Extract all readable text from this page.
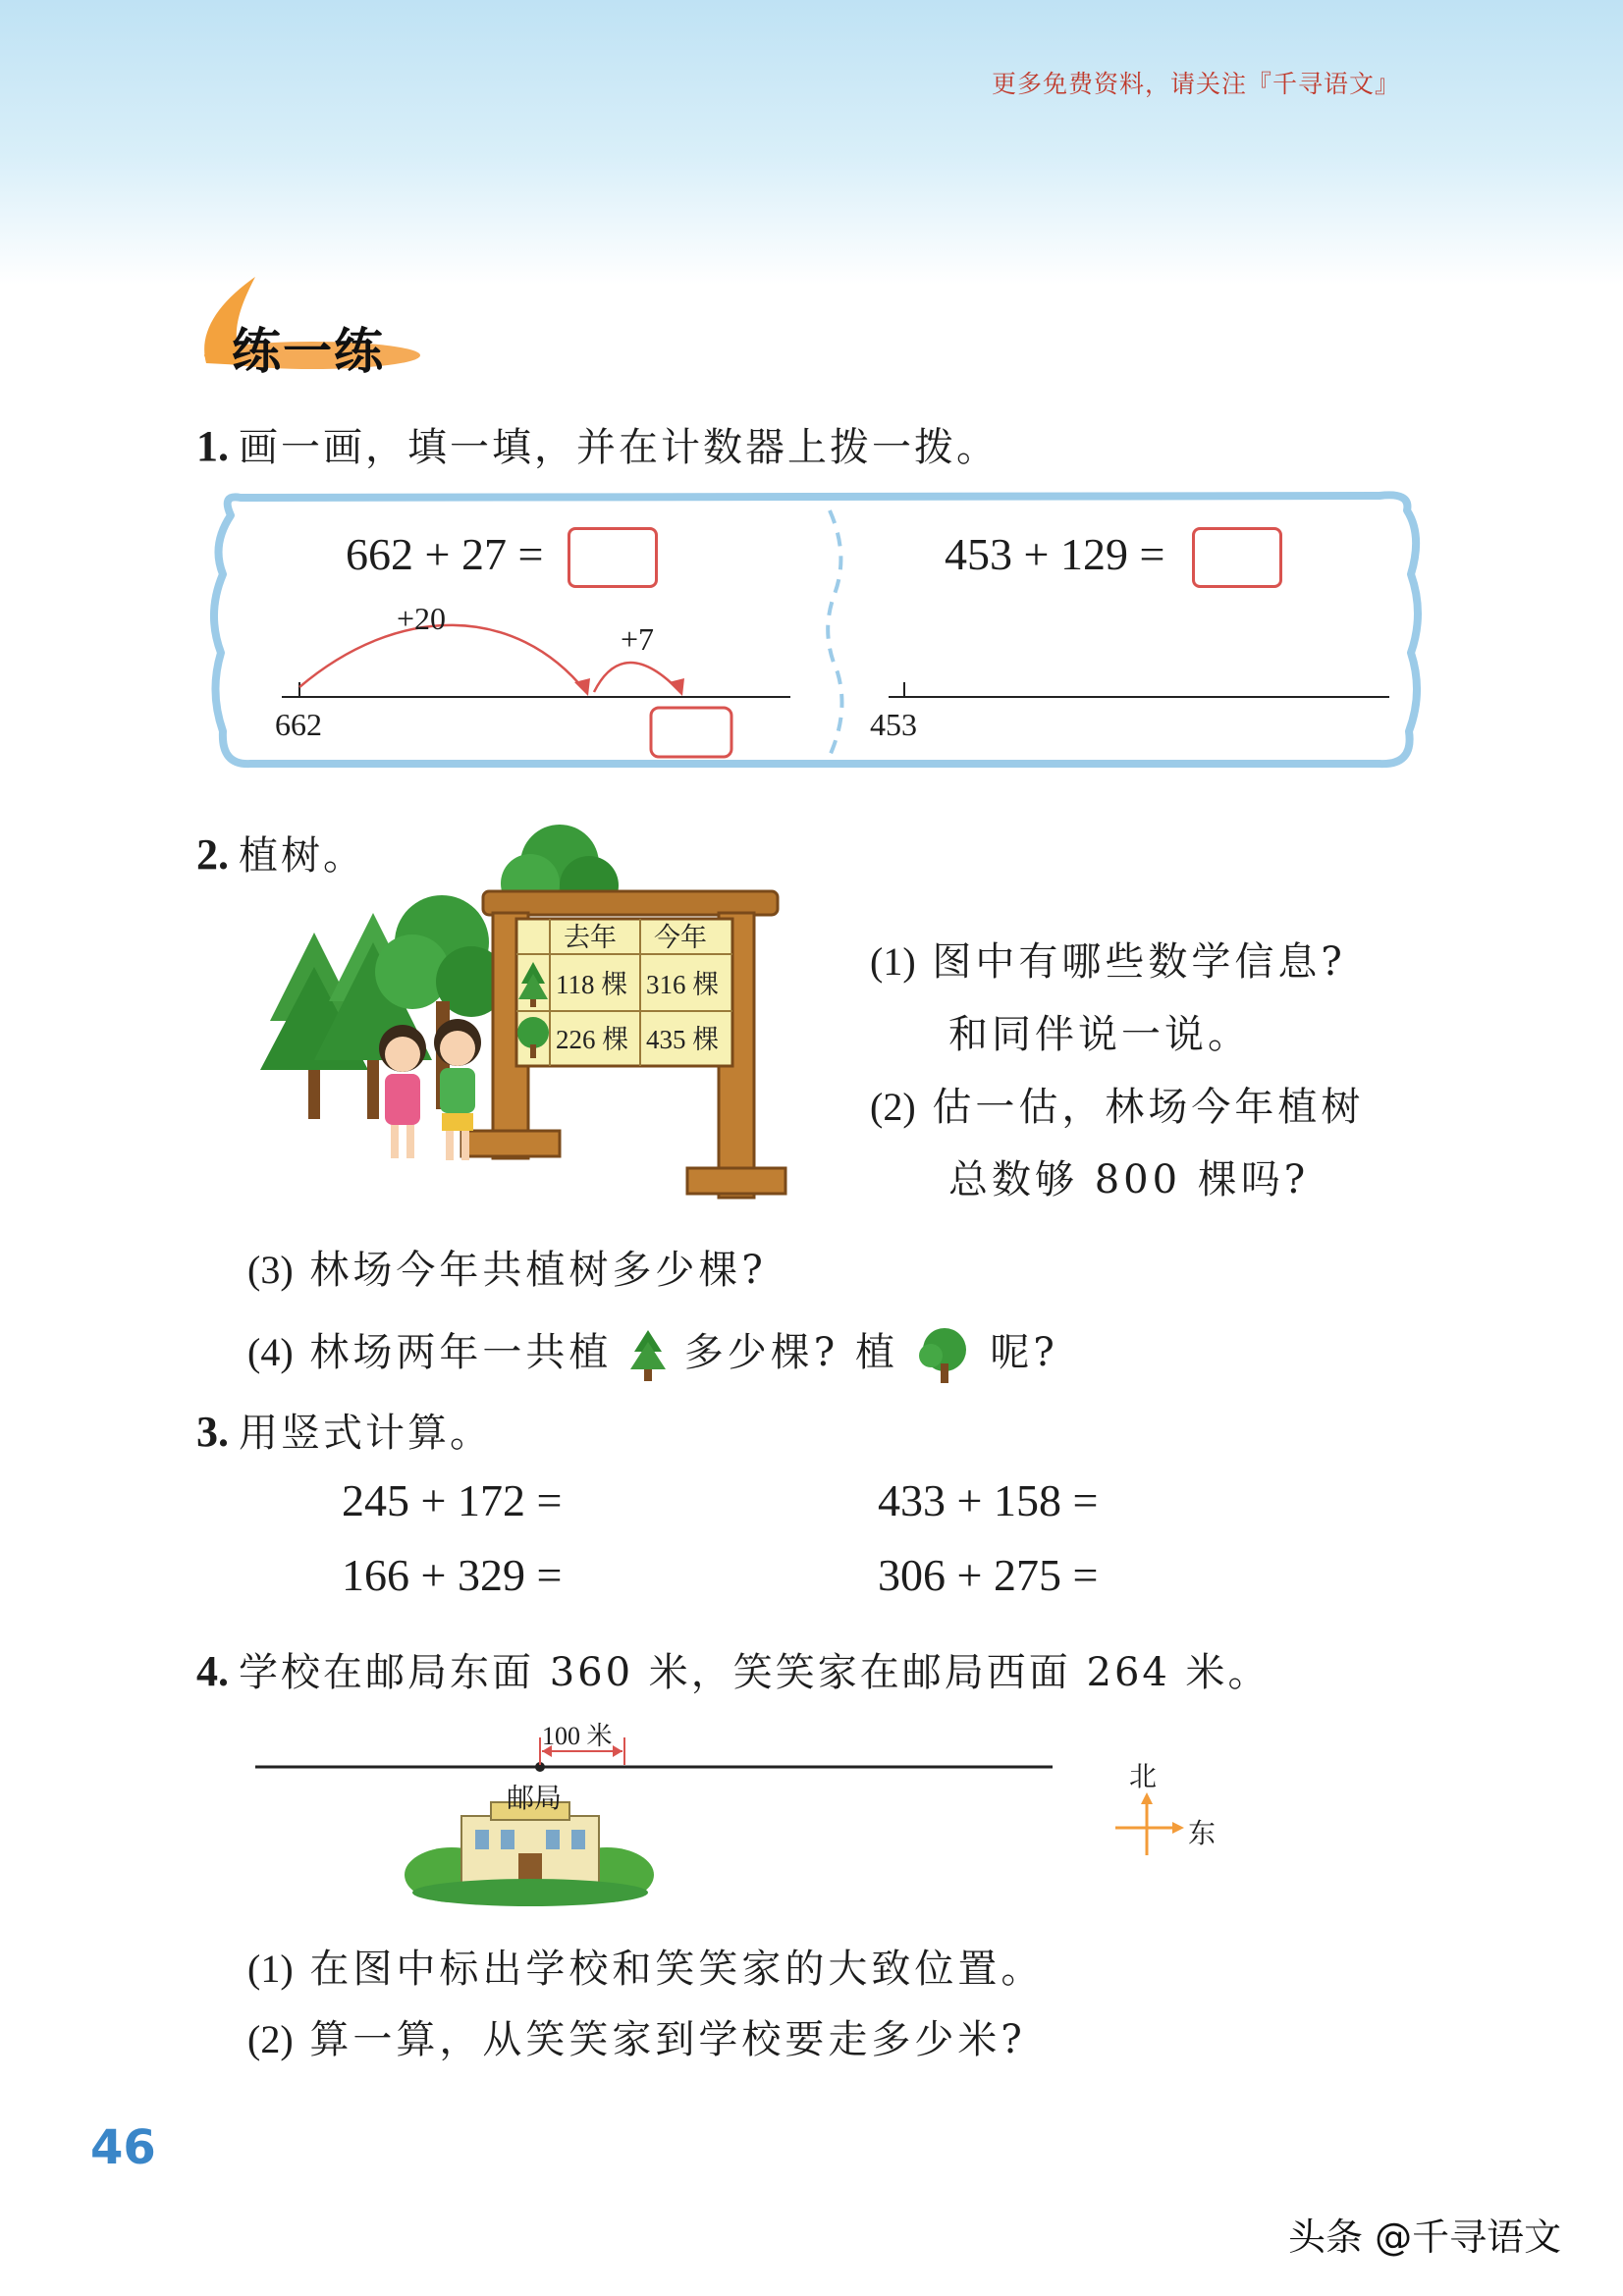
更多免费资料，请关注『千寻语文』
练一练
1. 画一画，填一填，并在计数器上拨一拨。
662 + 27 =
+20
+7
662
453 + 129 =
453
2. 植树。
去年 今年
118 棵 316 棵
226 棵 435 棵
(1) 图中有哪些数学信息?
和同伴说一说。
(2) 估一估，林场今年植树
总数够 800 棵吗?
(3) 林场今年共植树多少棵?
(4) 林场两年一共植 多少棵? 植 呢?
3. 用竖式计算。
245 + 172 =	433 + 158 =
166 + 329 =	306 + 275 =
4. 学校在邮局东面 360 米，笑笑家在邮局西面 264 米。
100 米
邮局
北
东
(1) 在图中标出学校和笑笑家的大致位置。
(2) 算一算，从笑笑家到学校要走多少米?
46
头条 @千寻语文
